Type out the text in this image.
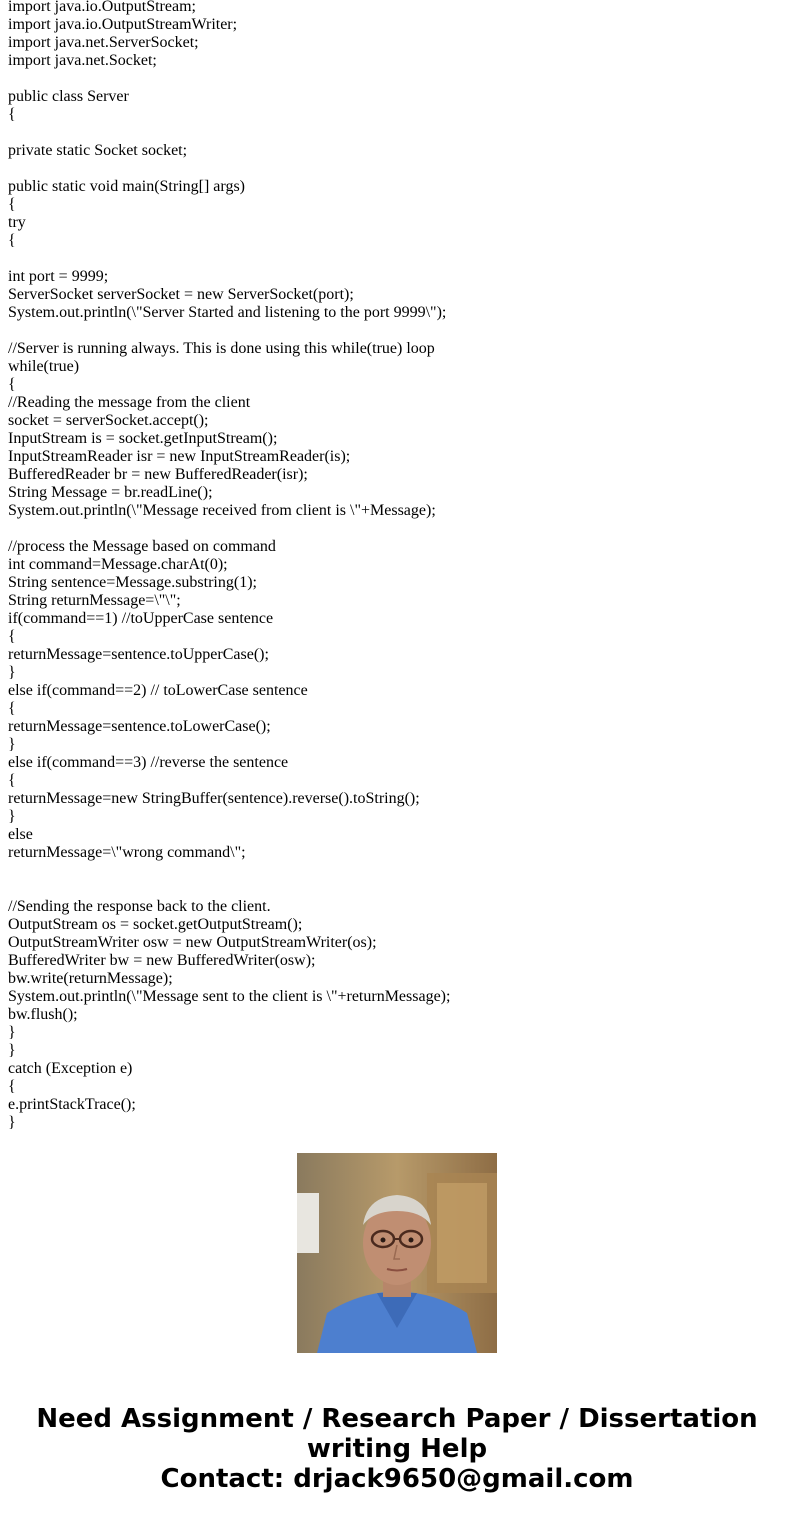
import java.io.OutputStream;
import java.io.OutputStreamWriter;
import java.net.ServerSocket;
import java.net.Socket;
public class Server
{
private static Socket socket;
public static void main(String[] args)
{
try
{
int port = 9999;
ServerSocket serverSocket = new ServerSocket(port);
System.out.println(\"Server Started and listening to the port 9999\");
//Server is running always. This is done using this while(true) loop
while(true)
{
//Reading the message from the client
socket = serverSocket.accept();
InputStream is = socket.getInputStream();
InputStreamReader isr = new InputStreamReader(is);
BufferedReader br = new BufferedReader(isr);
String Message = br.readLine();
System.out.println(\"Message received from client is \"+Message);
//process the Message based on command
int command=Message.charAt(0);
String sentence=Message.substring(1);
String returnMessage=\"\";
if(command==1) //toUpperCase sentence
{
returnMessage=sentence.toUpperCase();
}
else if(command==2) // toLowerCase sentence
{
returnMessage=sentence.toLowerCase();
}
else if(command==3) //reverse the sentence
{
returnMessage=new StringBuffer(sentence).reverse().toString();
}
else
returnMessage=\"wrong command\";
//Sending the response back to the client.
OutputStream os = socket.getOutputStream();
OutputStreamWriter osw = new OutputStreamWriter(os);
BufferedWriter bw = new BufferedWriter(osw);
bw.write(returnMessage);
System.out.println(\"Message sent to the client is \"+returnMessage);
bw.flush();
}
}
catch (Exception e)
{
e.printStackTrace();
}
Need Assignment / Research Paper / Dissertation
writing Help
Contact: drjack9650@gmail.com
